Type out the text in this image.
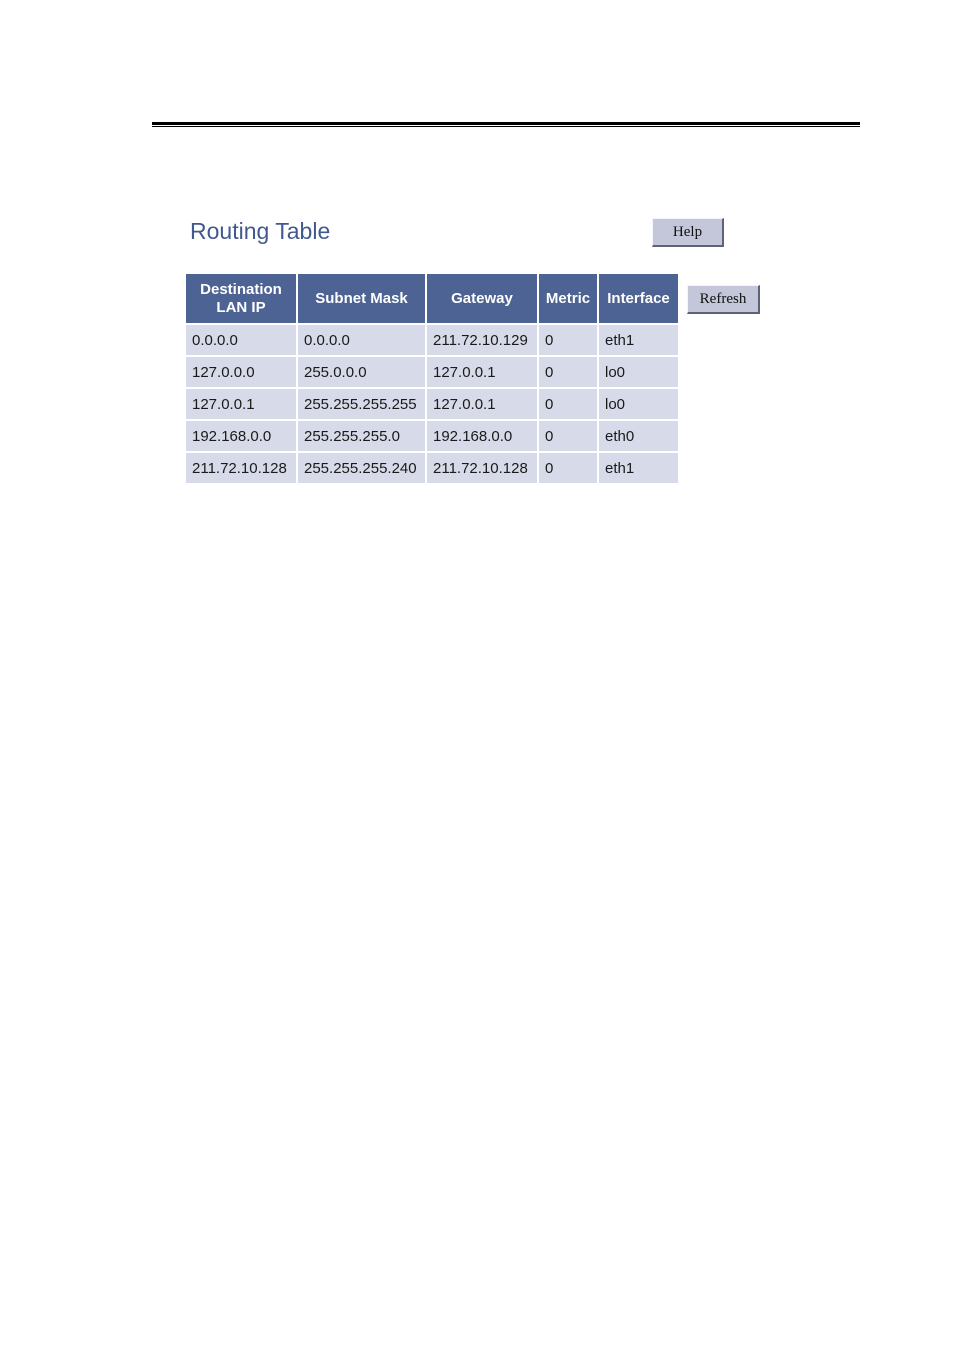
Routing Table	Help
Destination
LAN IP	Subnet Mask	Gateway	Metric	Interface
0.0.0.0	0.0.0.0	211.72.10.129	0	eth1
127.0.0.0	255.0.0.0	127.0.0.1	0	lo0
127.0.0.1	255.255.255.255	127.0.0.1	0	lo0
192.168.0.0	255.255.255.0	192.168.0.0	0	eth0
211.72.10.128	255.255.255.240	211.72.10.128	0	eth1
Refresh
